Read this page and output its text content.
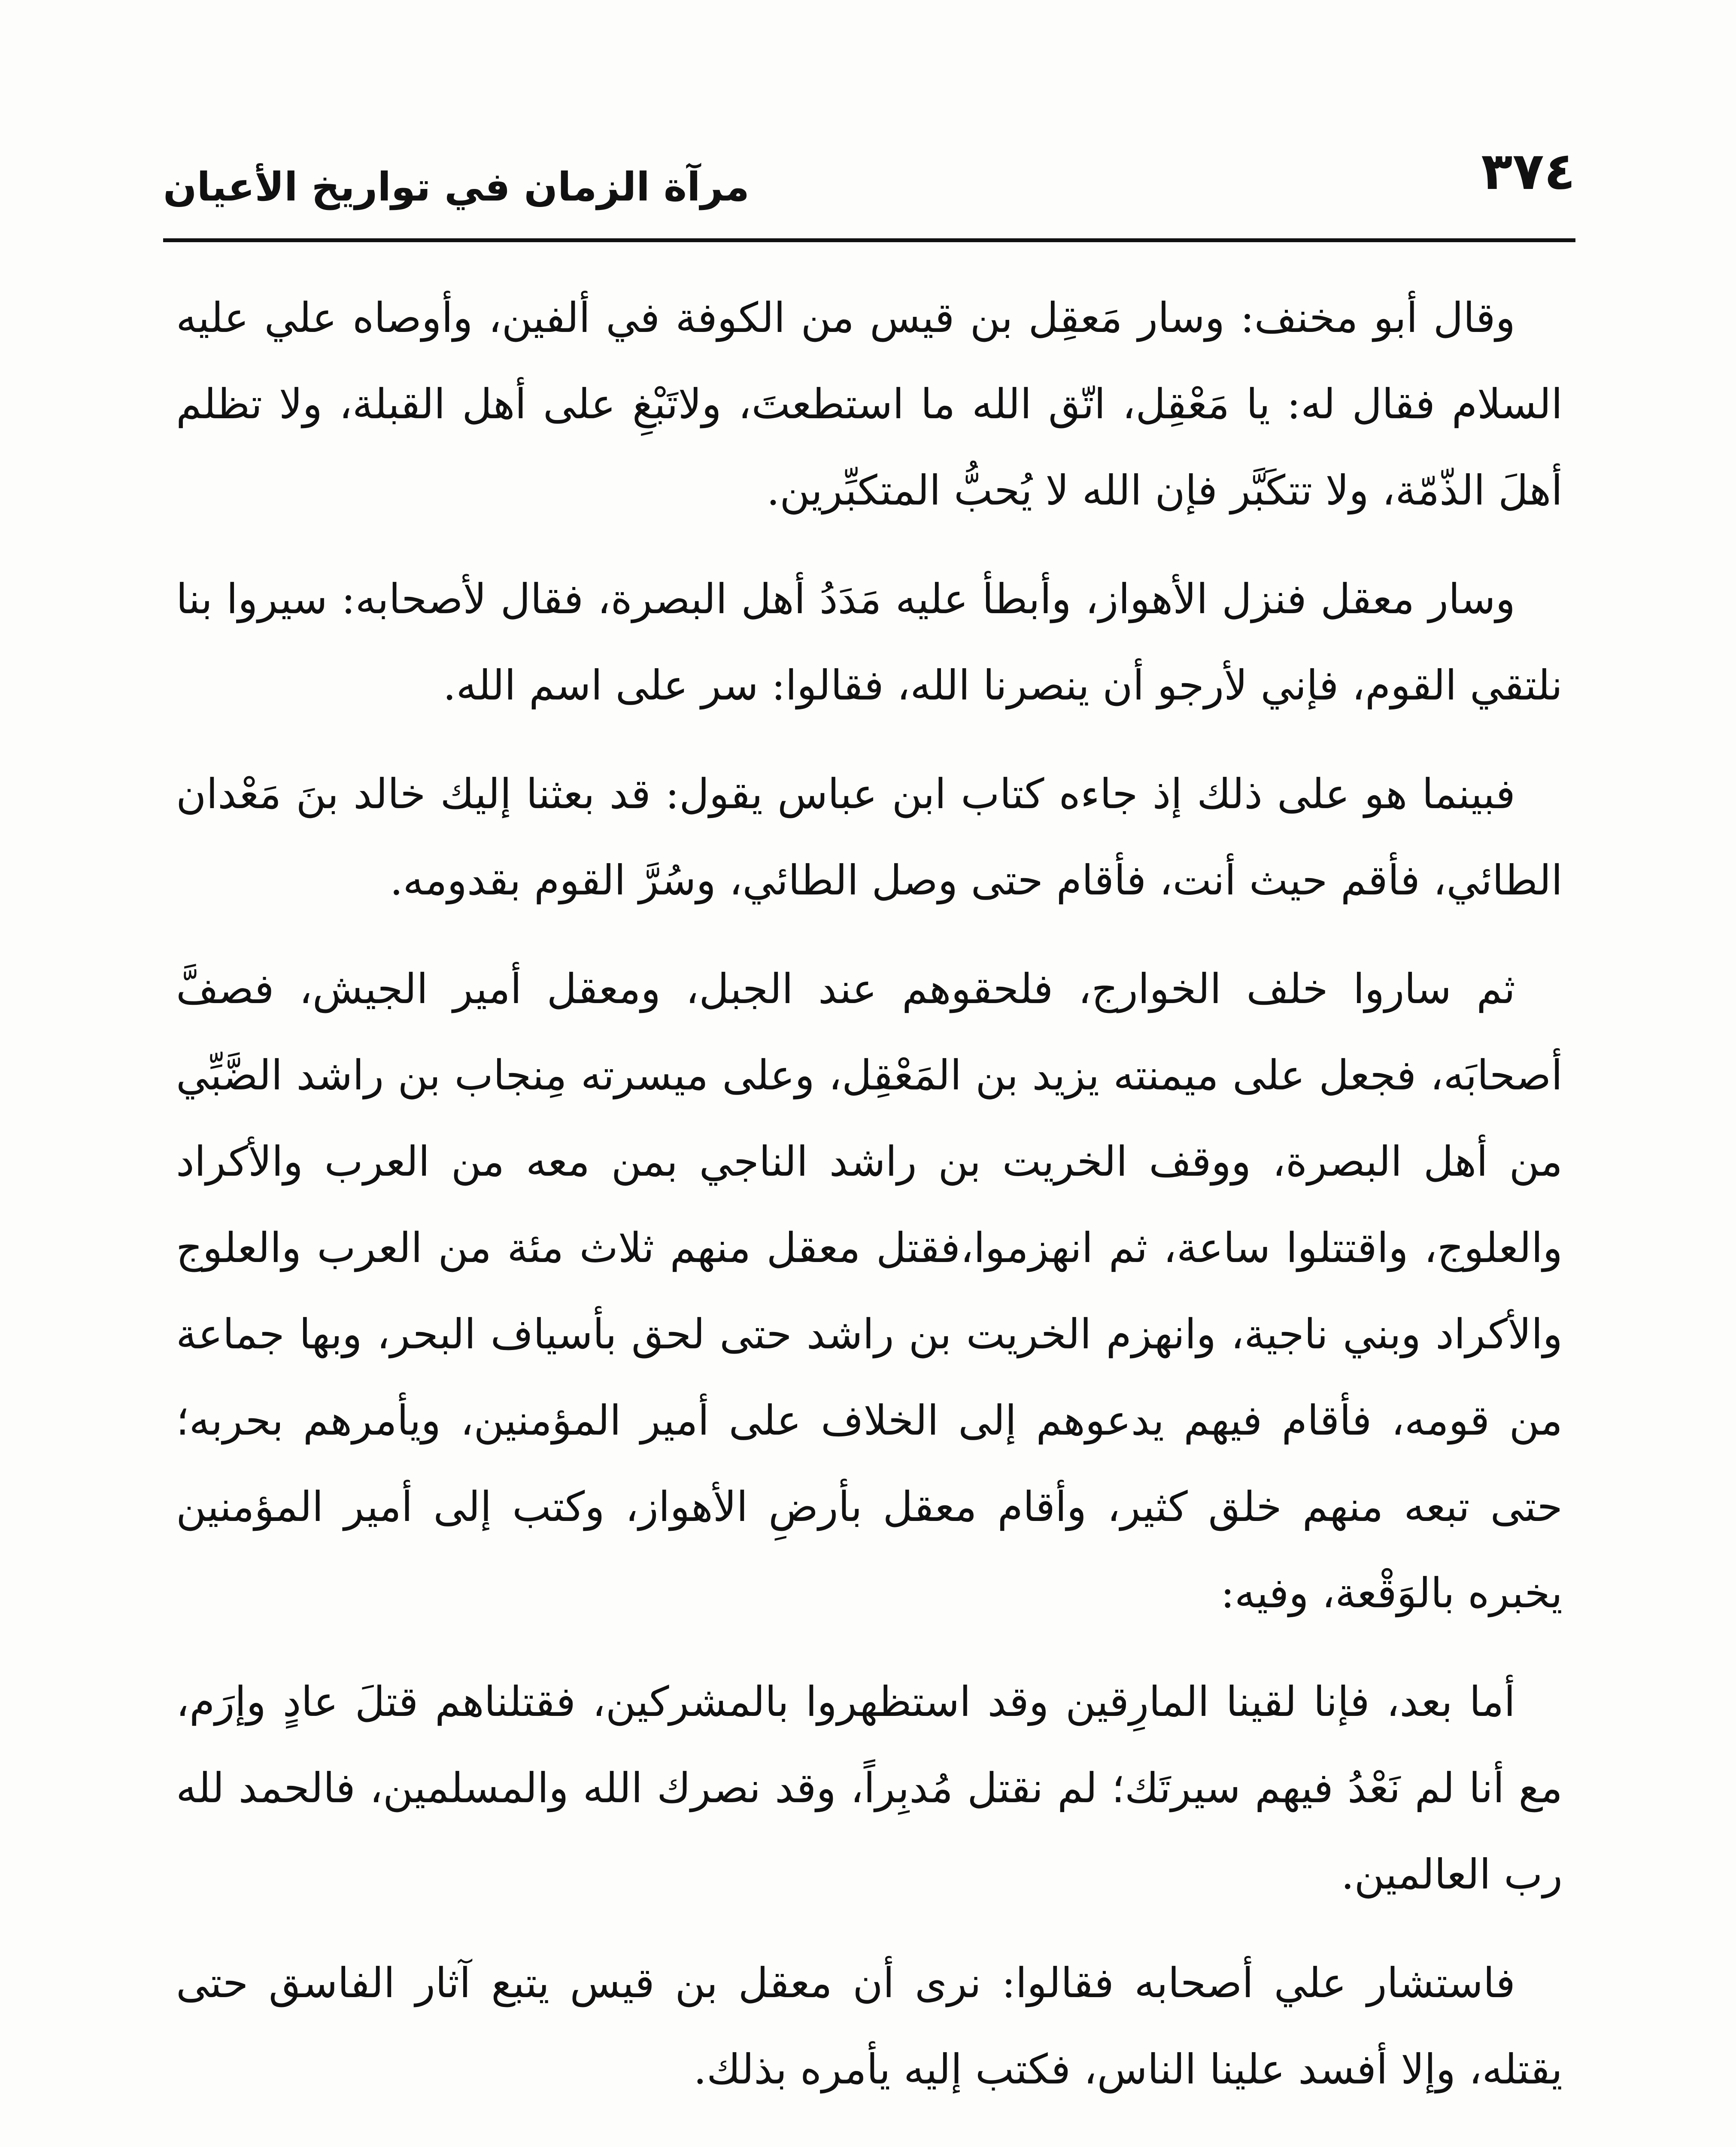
٣٧٤
مرآة الزمان في تواريخ الأعيان

وقال أبو مخنف: وسار مَعقِل بن قيس من الكوفة في ألفين، وأوصاه علي عليه السلام فقال له: يا مَعْقِل، اتّق الله ما استطعتَ، ولاتَبْغِ على أهل القبلة، ولا تظلم أهلَ الذّمّة، ولا تتكَبَّر فإن الله لا يُحبُّ المتكبِّرين.

وسار معقل فنزل الأهواز، وأبطأ عليه مَدَدُ أهل البصرة، فقال لأصحابه: سيروا بنا نلتقي القوم، فإني لأرجو أن ينصرنا الله، فقالوا: سر على اسم الله.

فبينما هو على ذلك إذ جاءه كتاب ابن عباس يقول: قد بعثنا إليك خالد بنَ مَعْدان الطائي، فأقم حيث أنت، فأقام حتى وصل الطائي، وسُرَّ القوم بقدومه.

ثم ساروا خلف الخوارج، فلحقوهم عند الجبل، ومعقل أمير الجيش، فصفَّ أصحابَه، فجعل على ميمنته يزيد بن المَعْقِل، وعلى ميسرته مِنجاب بن راشد الضَّبِّي من أهل البصرة، ووقف الخريت بن راشد الناجي بمن معه من العرب والأكراد والعلوج، واقتتلوا ساعة، ثم انهزموا،فقتل معقل منهم ثلاث مئة من العرب والعلوج والأكراد وبني ناجية، وانهزم الخريت بن راشد حتى لحق بأسياف البحر، وبها جماعة من قومه، فأقام فيهم يدعوهم إلى الخلاف على أمير المؤمنين، ويأمرهم بحربه؛ حتى تبعه منهم خلق كثير، وأقام معقل بأرضِ الأهواز، وكتب إلى أمير المؤمنين يخبره بالوَقْعة، وفيه:

أما بعد، فإنا لقينا المارِقين وقد استظهروا بالمشركين، فقتلناهم قتلَ عادٍ وإرَم، مع أنا لم نَعْدُ فيهم سيرتَك؛ لم نقتل مُدبِراً، وقد نصرك الله والمسلمين، فالحمد لله رب العالمين.

فاستشار علي أصحابه فقالوا: نرى أن معقل بن قيس يتبع آثار الفاسق حتى يقتله، وإلا أفسد علينا الناس، فكتب إليه يأمره بذلك.
